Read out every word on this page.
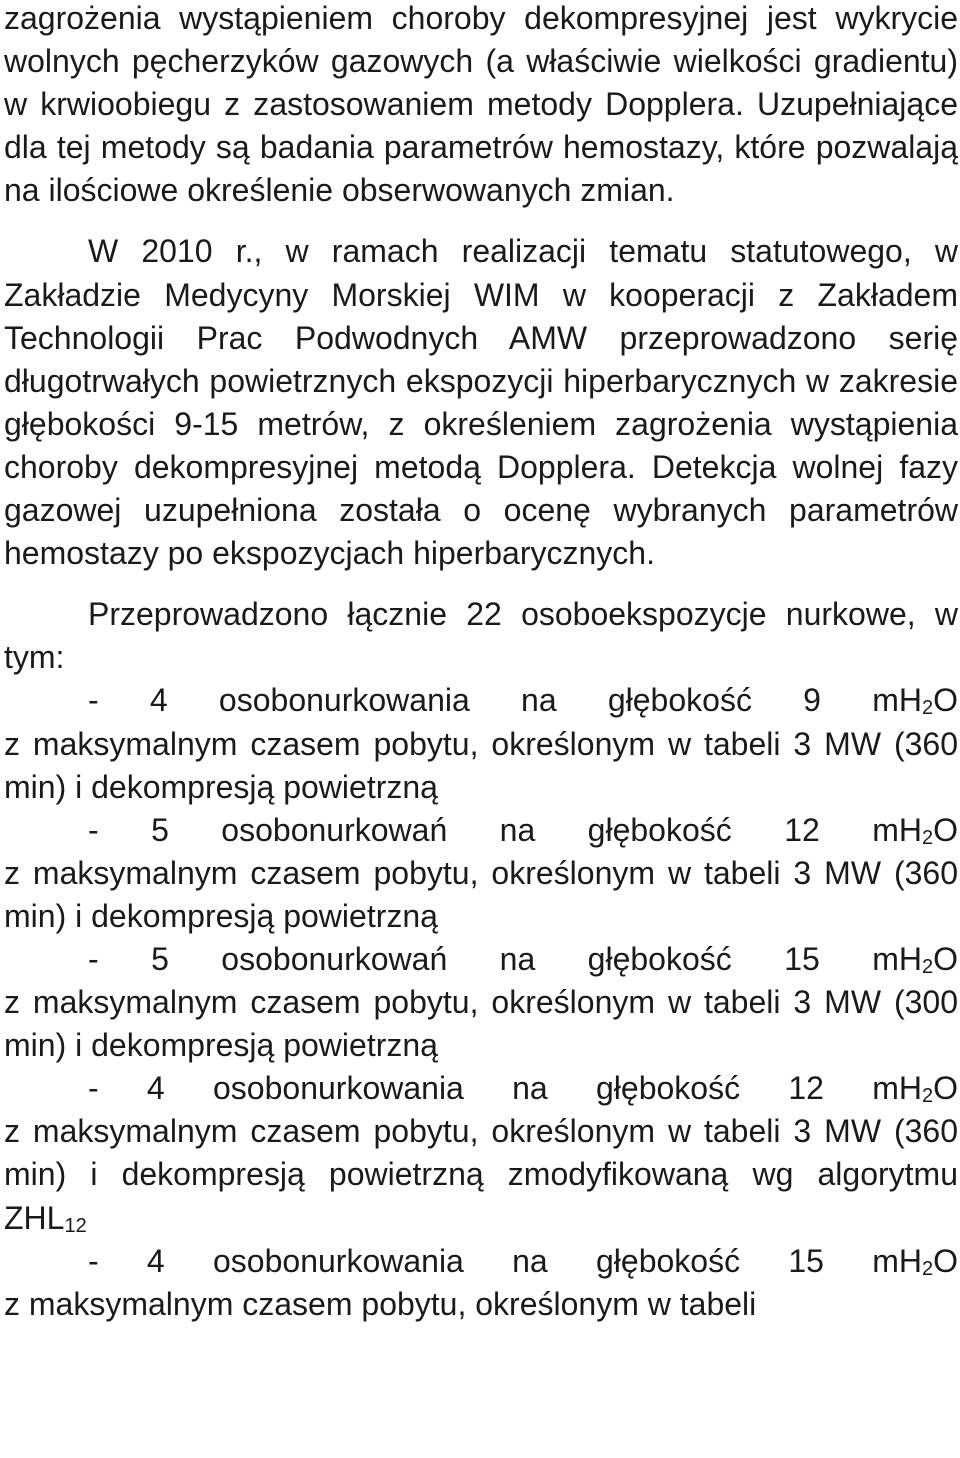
zagrożenia wystąpieniem choroby dekompresyjnej jest wykrycie wolnych pęcherzyków gazowych (a właściwie wielkości gradientu) w krwioobiegu z zastosowaniem metody Dopplera. Uzupełniające dla tej metody są badania parametrów hemostazy, które pozwalają na ilościowe określenie obserwowanych zmian.

W 2010 r., w ramach realizacji tematu statutowego, w Zakładzie Medycyny Morskiej WIM w kooperacji z Zakładem Technologii Prac Podwodnych AMW przeprowadzono serię długotrwałych powietrznych ekspozycji hiperbarycznych w zakresie głębokości 9-15 metrów, z określeniem zagrożenia wystąpienia choroby dekompresyjnej metodą Dopplera. Detekcja wolnej fazy gazowej uzupełniona została o ocenę wybranych parametrów hemostazy po ekspozycjach hiperbarycznych.

Przeprowadzono łącznie 22 osoboekspozycje nurkowe, w tym:

- 4 osobonurkowania na głębokość 9 $mH_2O$
z maksymalnym czasem pobytu, określonym w tabeli 3 MW (360 min) i dekompresją powietrzną
- 5 osobonurkowań na głębokość 12 $mH_2O$
z maksymalnym czasem pobytu, określonym w tabeli 3 MW (360 min) i dekompresją powietrzną
- 5 osobonurkowań na głębokość 15 $mH_2O$
z maksymalnym czasem pobytu, określonym w tabeli 3 MW (300 min) i dekompresją powietrzną
- 4 osobonurkowania na głębokość 12 $mH_2O$
z maksymalnym czasem pobytu, określonym w tabeli 3 MW (360 min) i dekompresją powietrzną zmodyfikowaną wg algorytmu $ZHL_{12}$
- 4 osobonurkowania na głębokość 15 $mH_2O$
z maksymalnym czasem pobytu, określonym w tabeli
